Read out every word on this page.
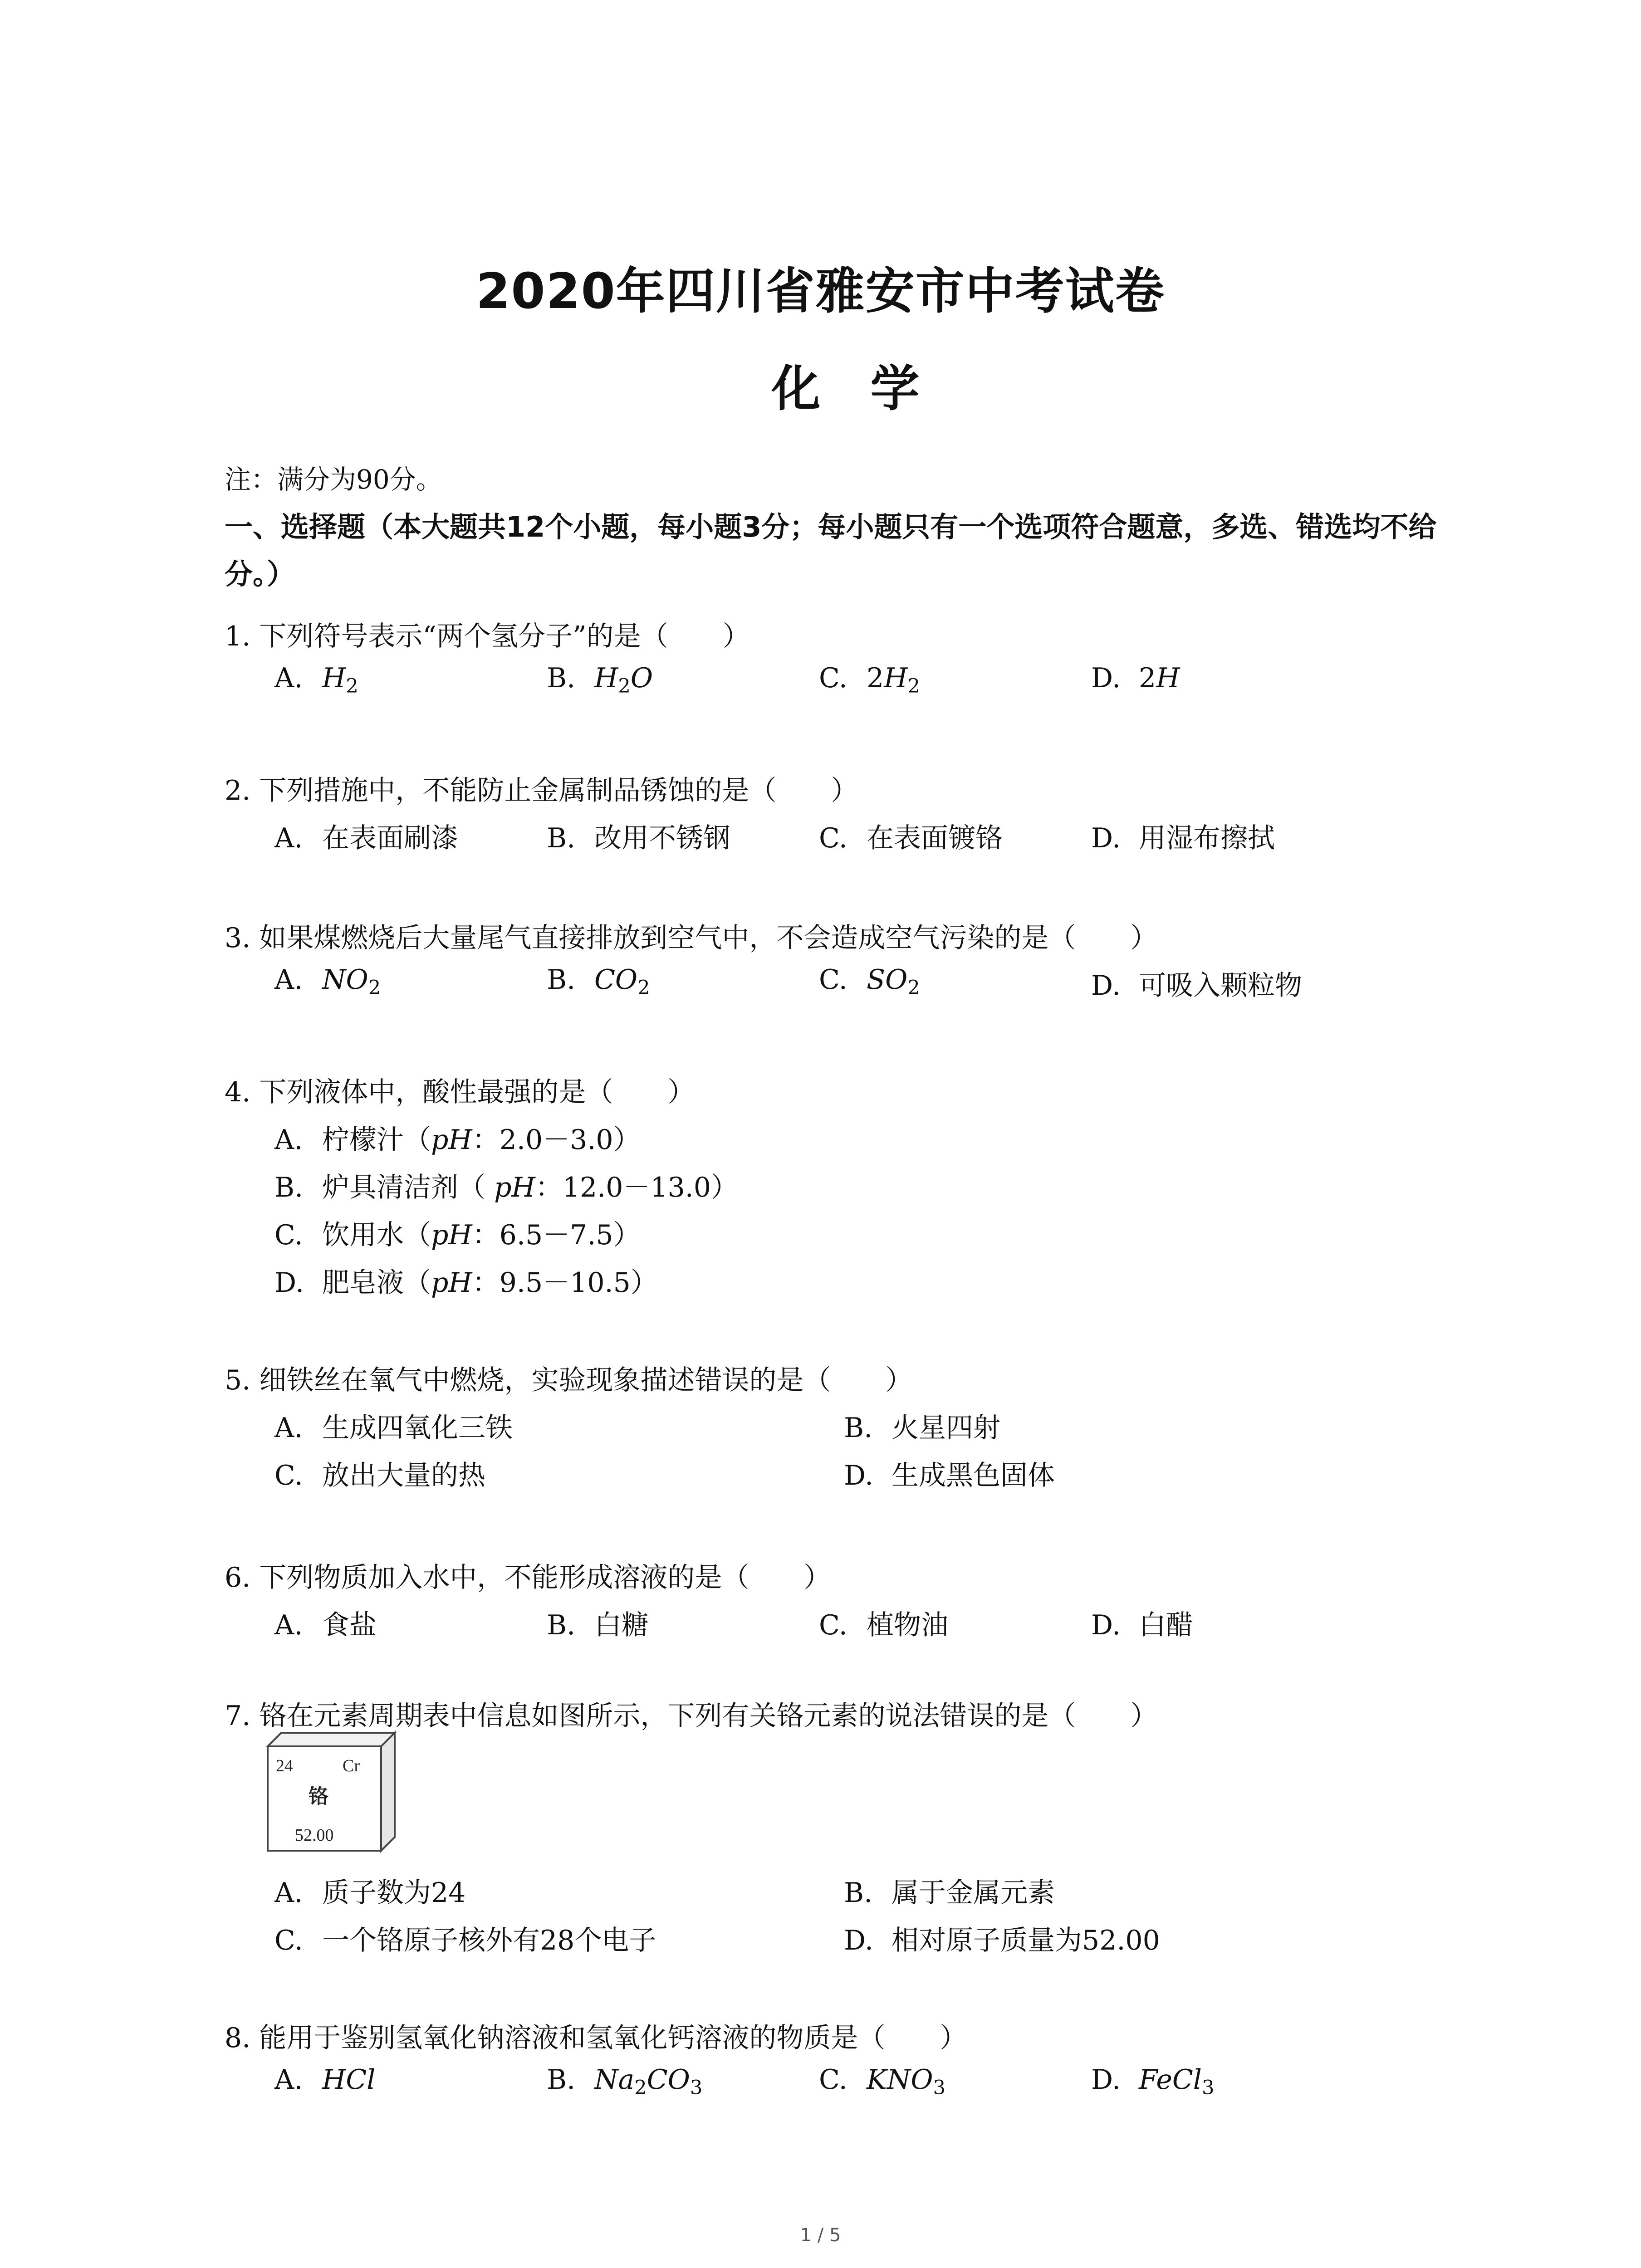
2020年四川省雅安市中考试卷
化学
注：满分为90分。
一、选择题（本大题共12个小题，每小题3分；每小题只有一个选项符合题意，多选、错选均不给分。）
1. 下列符号表示“两个氢分子”的是（　　）
A. $H_2$	B. $H_2O$	C. $2H_2$	D. 2H
2. 下列措施中，不能防止金属制品锈蚀的是（　　）
A. 在表面刷漆	B. 改用不锈钢	C. 在表面镀铬	D. 用湿布擦拭
3. 如果煤燃烧后大量尾气直接排放到空气中，不会造成空气污染的是（　　）
A. $NO_2$	B. $CO_2$	C. $SO_2$	D. 可吸入颗粒物
4. 下列液体中，酸性最强的是（　　）
A. 柠檬汁（pH：2.0－3.0）
B. 炉具清洁剂（ pH：12.0－13.0）
C. 饮用水（pH：6.5－7.5）
D. 肥皂液（pH：9.5－10.5）
5. 细铁丝在氧气中燃烧，实验现象描述错误的是（　　）
A. 生成四氧化三铁	B. 火星四射
C. 放出大量的热	D. 生成黑色固体
6. 下列物质加入水中，不能形成溶液的是（　　）
A. 食盐	B. 白糖	C. 植物油	D. 白醋
7. 铬在元素周期表中信息如图所示，下列有关铬元素的说法错误的是（　　）
24	Cr
铬
52.00
A. 质子数为24	B. 属于金属元素
C. 一个铬原子核外有28个电子	D. 相对原子质量为52.00
8. 能用于鉴别氢氧化钠溶液和氢氧化钙溶液的物质是（　　）
A. HCl	B. $Na_2CO_3$	C. $KNO_3$	D. FeCl$_3$
1 / 5
